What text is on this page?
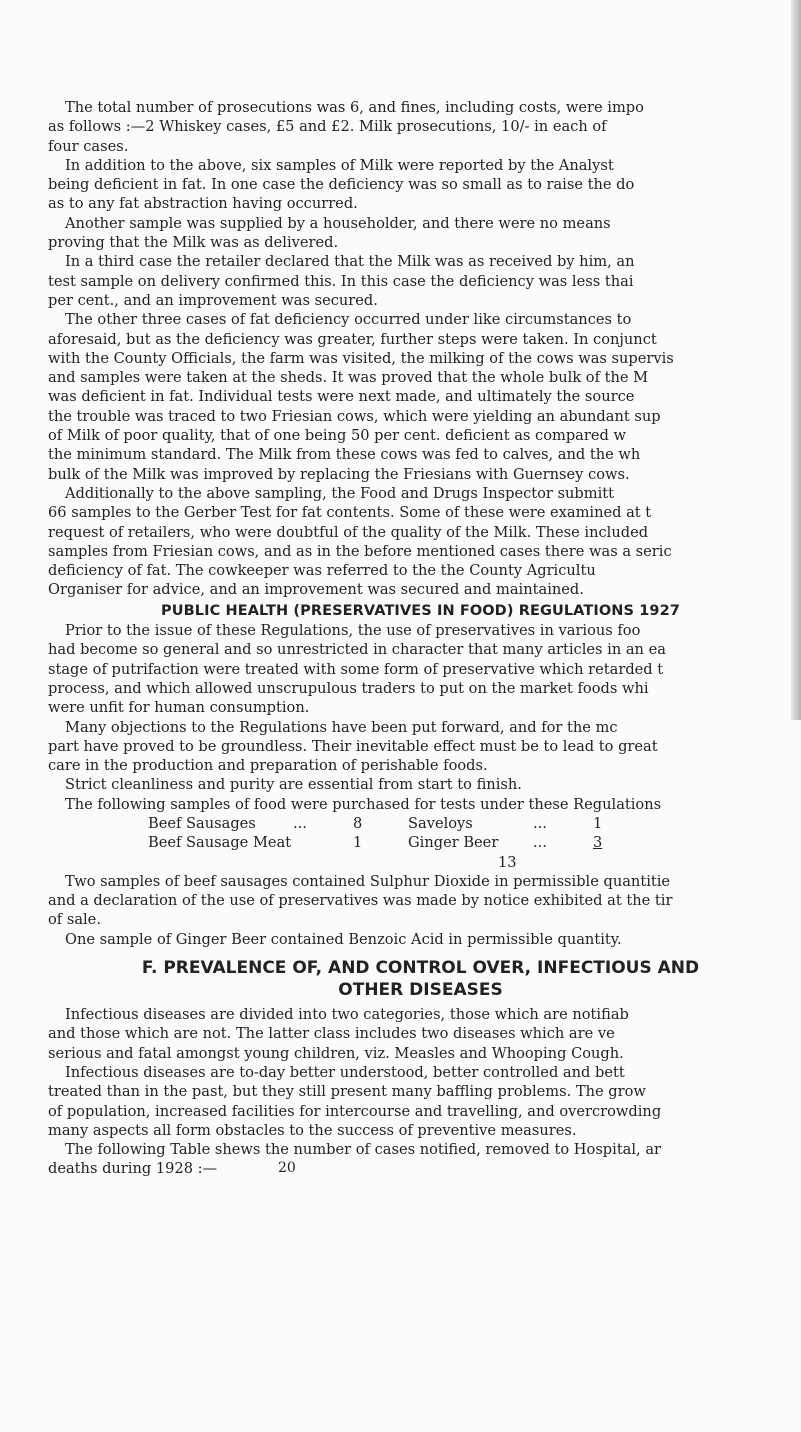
The total number of prosecutions was 6, and fines, including costs, were impo

as follows :—2 Whiskey cases, £5 and £2. Milk prosecutions, 10/- in each of

four cases.

In addition to the above, six samples of Milk were reported by the Analyst

being deficient in fat. In one case the deficiency was so small as to raise the do

as to any fat abstraction having occurred.

Another sample was supplied by a householder, and there were no means

proving that the Milk was as delivered.

In a third case the retailer declared that the Milk was as received by him, an

test sample on delivery confirmed this. In this case the deficiency was less thai

per cent., and an improvement was secured.

The other three cases of fat deficiency occurred under like circumstances to

aforesaid, but as the deficiency was greater, further steps were taken. In conjunct

with the County Officials, the farm was visited, the milking of the cows was supervis

and samples were taken at the sheds. It was proved that the whole bulk of the M

was deficient in fat. Individual tests were next made, and ultimately the source

the trouble was traced to two Friesian cows, which were yielding an abundant sup

of Milk of poor quality, that of one being 50 per cent. deficient as compared w

the minimum standard. The Milk from these cows was fed to calves, and the wh

bulk of the Milk was improved by replacing the Friesians with Guernsey cows.

Additionally to the above sampling, the Food and Drugs Inspector submitt

66 samples to the Gerber Test for fat contents. Some of these were examined at t

request of retailers, who were doubtful of the quality of the Milk. These included

samples from Friesian cows, and as in the before mentioned cases there was a seric

deficiency of fat. The cowkeeper was referred to the the County Agricultu

Organiser for advice, and an improvement was secured and maintained.

PUBLIC HEALTH (PRESERVATIVES IN FOOD) REGULATIONS 1927

Prior to the issue of these Regulations, the use of preservatives in various foo

had become so general and so unrestricted in character that many articles in an ea

stage of putrifaction were treated with some form of preservative which retarded t

process, and which allowed unscrupulous traders to put on the market foods whi

were unfit for human consumption.

Many objections to the Regulations have been put forward, and for the mc

part have proved to be groundless. Their inevitable effect must be to lead to great

care in the production and preparation of perishable foods.

Strict cleanliness and purity are essential from start to finish.

The following samples of food were purchased for tests under these Regulations

Beef Sausages	...	8	Saveloys	...	1
Beef Sausage Meat		1	Ginger Beer	...	3
13

Two samples of beef sausages contained Sulphur Dioxide in permissible quantitie

and a declaration of the use of preservatives was made by notice exhibited at the tir

of sale.

One sample of Ginger Beer contained Benzoic Acid in permissible quantity.

F. PREVALENCE OF, AND CONTROL OVER, INFECTIOUS AND
OTHER DISEASES

Infectious diseases are divided into two categories, those which are notifiab

and those which are not. The latter class includes two diseases which are ve

serious and fatal amongst young children, viz. Measles and Whooping Cough.

Infectious diseases are to-day better understood, better controlled and bett

treated than in the past, but they still present many baffling problems. The grow

of population, increased facilities for intercourse and travelling, and overcrowding

many aspects all form obstacles to the success of preventive measures.

The following Table shews the number of cases notified, removed to Hospital, ar

deaths during 1928 :—	20
